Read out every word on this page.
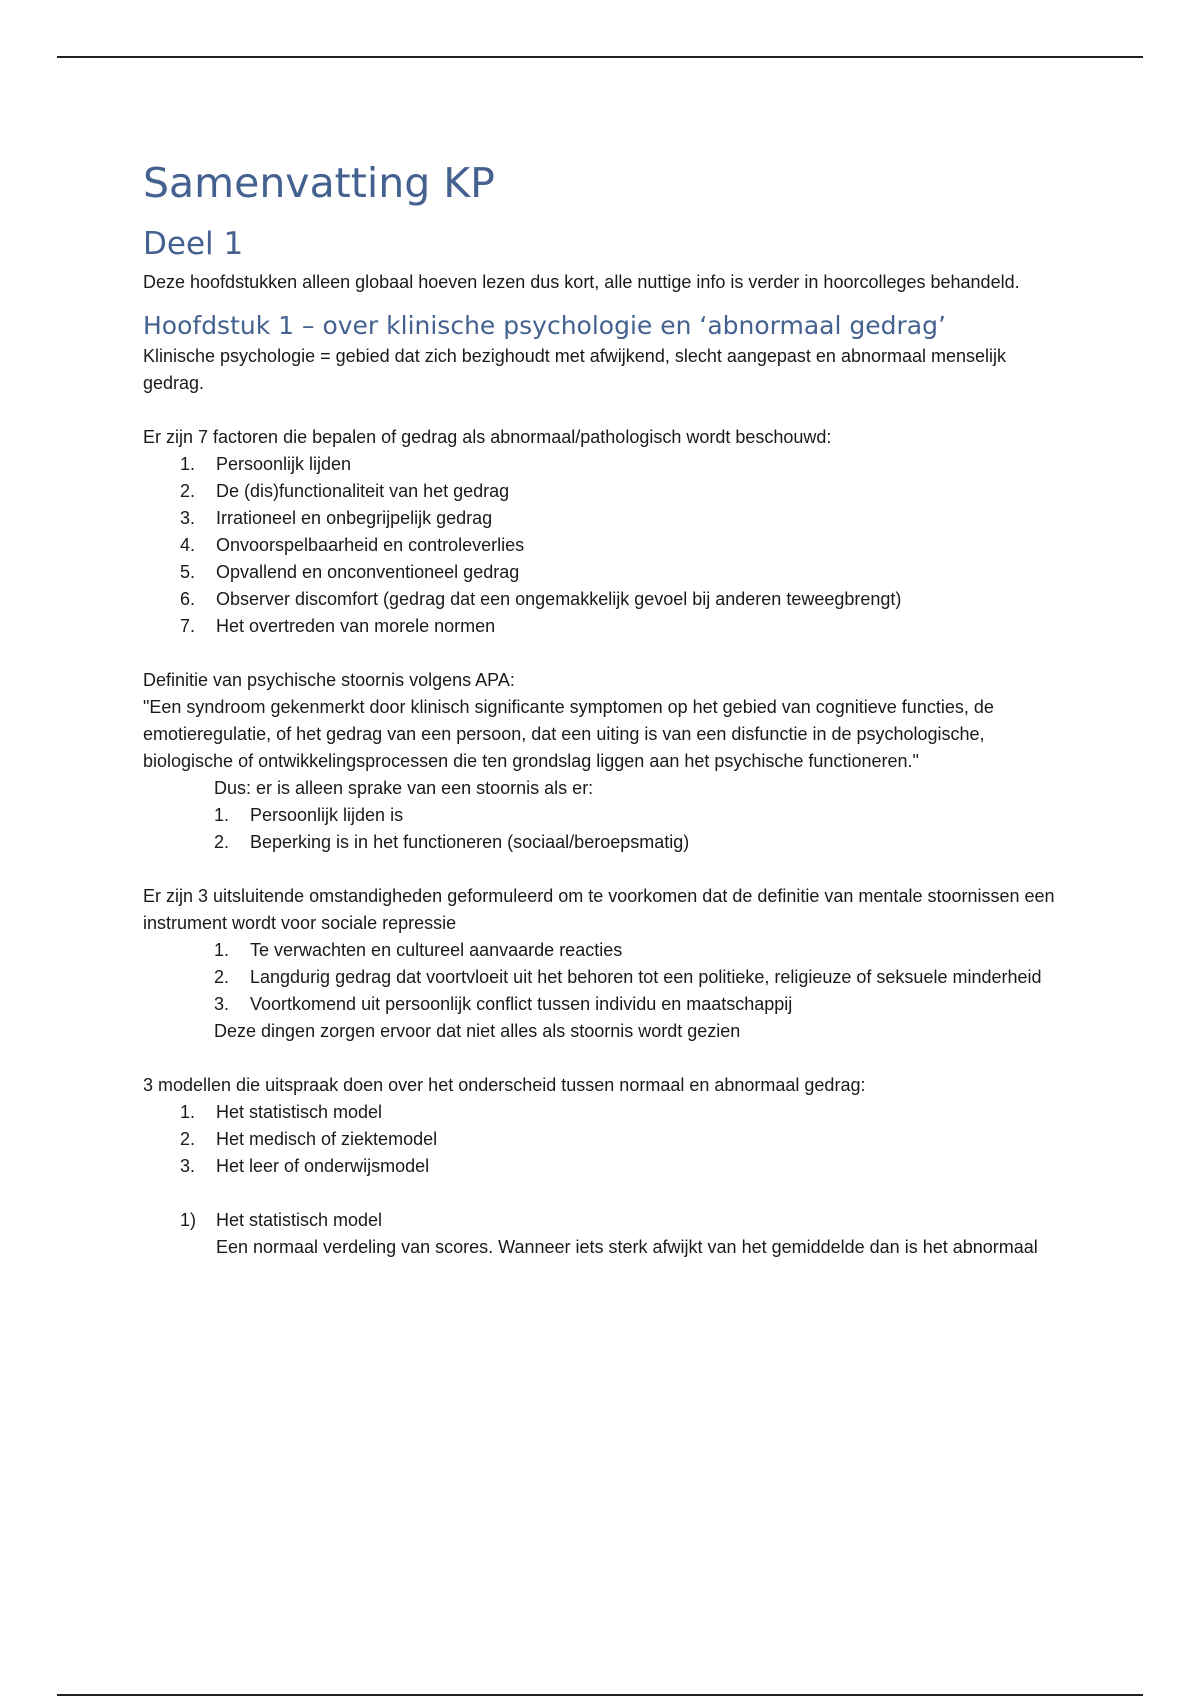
Samenvatting KP
Deel 1

Deze hoofdstukken alleen globaal hoeven lezen dus kort, alle nuttige info is verder in hoorcolleges behandeld.

Hoofdstuk 1 – over klinische psychologie en ‘abnormaal gedrag’

Klinische psychologie = gebied dat zich bezighoudt met afwijkend, slecht aangepast en abnormaal menselijk gedrag.

Er zijn 7 factoren die bepalen of gedrag als abnormaal/pathologisch wordt beschouwd:

1. Persoonlijk lijden
2. De (dis)functionaliteit van het gedrag
3. Irrationeel en onbegrijpelijk gedrag
4. Onvoorspelbaarheid en controleverlies
5. Opvallend en onconventioneel gedrag
6. Observer discomfort (gedrag dat een ongemakkelijk gevoel bij anderen teweegbrengt)
7. Het overtreden van morele normen

Definitie van psychische stoornis volgens APA:

"Een syndroom gekenmerkt door klinisch significante symptomen op het gebied van cognitieve functies, de emotieregulatie, of het gedrag van een persoon, dat een uiting is van een disfunctie in de psychologische, biologische of ontwikkelingsprocessen die ten grondslag liggen aan het psychische functioneren."

Dus: er is alleen sprake van een stoornis als er:

1. Persoonlijk lijden is
2. Beperking is in het functioneren (sociaal/beroepsmatig)

Er zijn 3 uitsluitende omstandigheden geformuleerd om te voorkomen dat de definitie van mentale stoornissen een instrument wordt voor sociale repressie

1. Te verwachten en cultureel aanvaarde reacties
2. Langdurig gedrag dat voortvloeit uit het behoren tot een politieke, religieuze of seksuele minderheid
3. Voortkomend uit persoonlijk conflict tussen individu en maatschappij

Deze dingen zorgen ervoor dat niet alles als stoornis wordt gezien

3 modellen die uitspraak doen over het onderscheid tussen normaal en abnormaal gedrag:

1. Het statistisch model
2. Het medisch of ziektemodel
3. Het leer of onderwijsmodel
1) Het statistisch model
Een normaal verdeling van scores. Wanneer iets sterk afwijkt van het gemiddelde dan is het abnormaal
